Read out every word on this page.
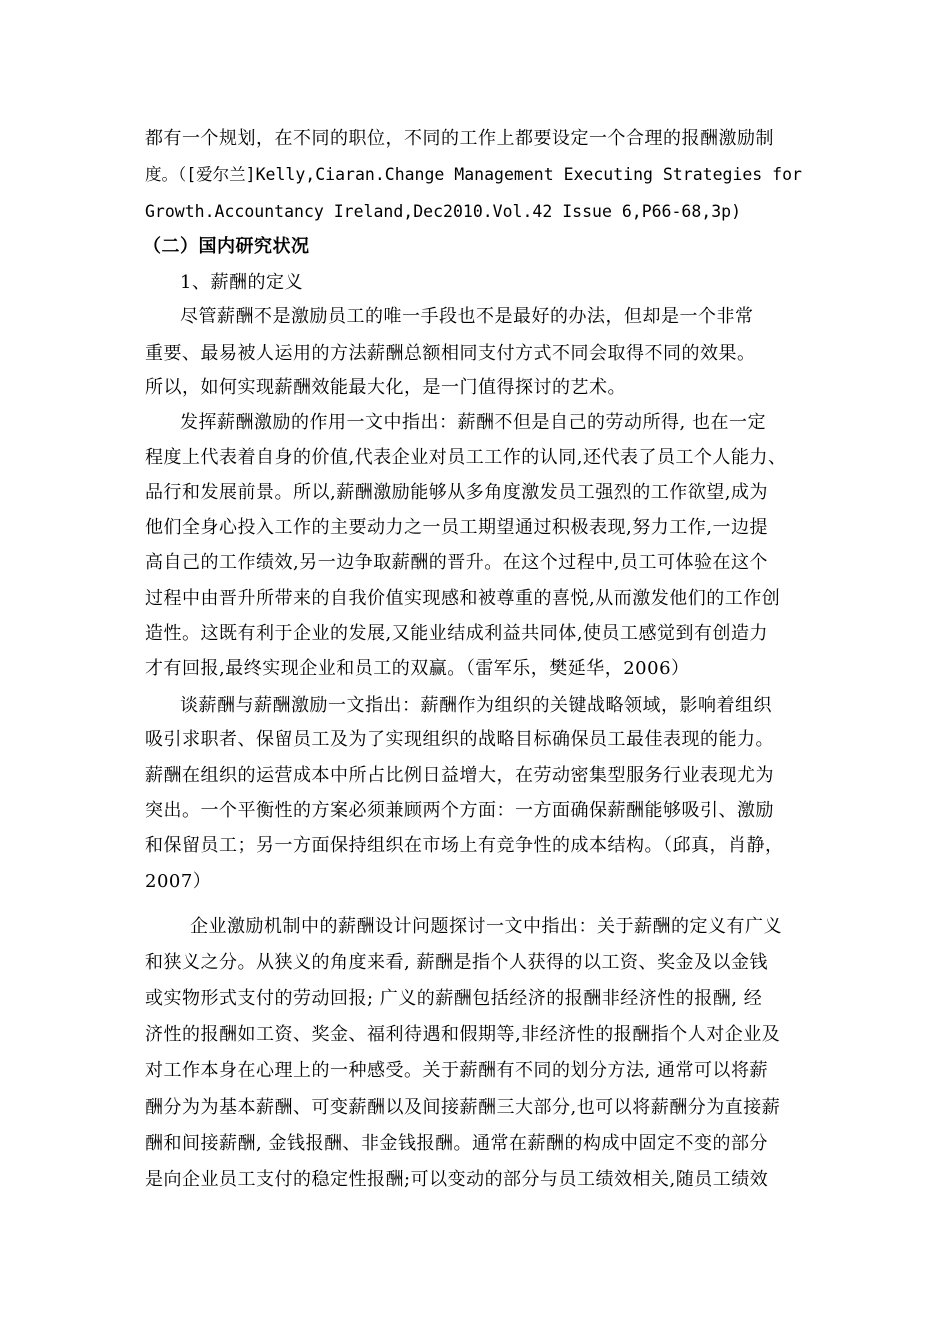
都有一个规划，在不同的职位，不同的工作上都要设定一个合理的报酬激励制
度。（[爱尔兰]Kelly,Ciaran.Change Management Executing Strategies for
Growth.Accountancy Ireland,Dec2010.Vol.42 Issue 6,P66-68,3p)
（二）国内研究状况
1、薪酬的定义
尽管薪酬不是激励员工的唯一手段也不是最好的办法，但却是一个非常
重要、最易被人运用的方法薪酬总额相同支付方式不同会取得不同的效果。
所以，如何实现薪酬效能最大化，是一门值得探讨的艺术。
发挥薪酬激励的作用一文中指出：薪酬不但是自己的劳动所得, 也在一定
程度上代表着自身的价值,代表企业对员工工作的认同,还代表了员工个人能力、
品行和发展前景。所以,薪酬激励能够从多角度激发员工强烈的工作欲望,成为
他们全身心投入工作的主要动力之一员工期望通过积极表现,努力工作,一边提
高自己的工作绩效,另一边争取薪酬的晋升。在这个过程中,员工可体验在这个
过程中由晋升所带来的自我价值实现感和被尊重的喜悦,从而激发他们的工作创
造性。这既有利于企业的发展,又能业结成利益共同体,使员工感觉到有创造力
才有回报,最终实现企业和员工的双赢。（雷军乐，樊延华，2006）
谈薪酬与薪酬激励一文指出：薪酬作为组织的关键战略领域，影响着组织
吸引求职者、保留员工及为了实现组织的战略目标确保员工最佳表现的能力。
薪酬在组织的运营成本中所占比例日益增大，在劳动密集型服务行业表现尤为
突出。一个平衡性的方案必须兼顾两个方面：一方面确保薪酬能够吸引、激励
和保留员工；另一方面保持组织在市场上有竞争性的成本结构。（邱真，肖静，
2007）
企业激励机制中的薪酬设计问题探讨一文中指出：关于薪酬的定义有广义
和狭义之分。从狭义的角度来看, 薪酬是指个人获得的以工资、奖金及以金钱
或实物形式支付的劳动回报; 广义的薪酬包括经济的报酬非经济性的报酬, 经
济性的报酬如工资、奖金、福利待遇和假期等,非经济性的报酬指个人对企业及
对工作本身在心理上的一种感受。关于薪酬有不同的划分方法, 通常可以将薪
酬分为为基本薪酬、可变薪酬以及间接薪酬三大部分,也可以将薪酬分为直接薪
酬和间接薪酬, 金钱报酬、非金钱报酬。通常在薪酬的构成中固定不变的部分
是向企业员工支付的稳定性报酬;可以变动的部分与员工绩效相关,随员工绩效
